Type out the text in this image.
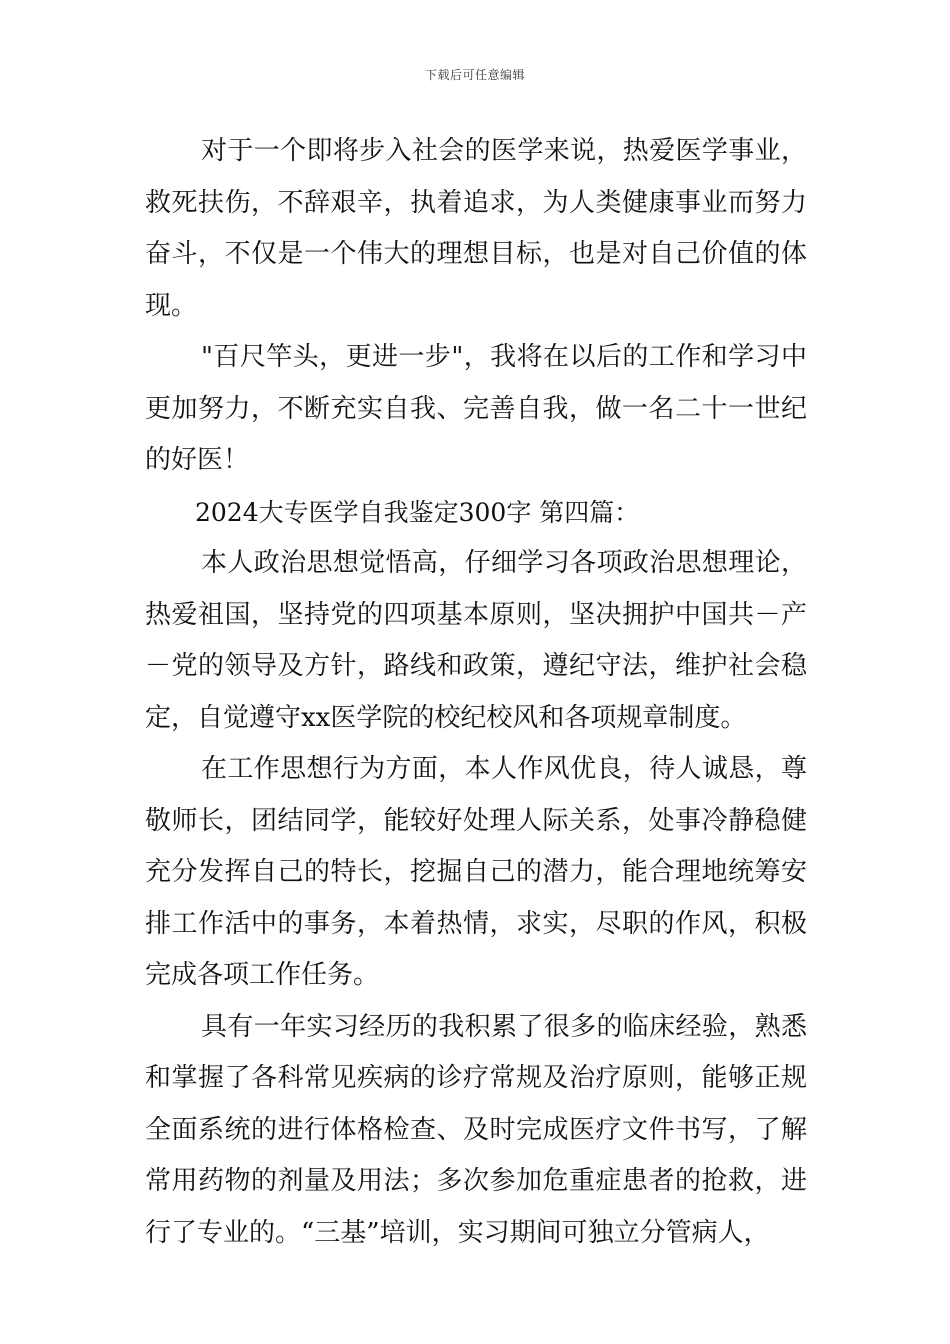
下载后可任意编辑

对于一个即将步入社会的医学来说，热爱医学事业，救死扶伤，不辞艰辛，执着追求，为人类健康事业而努力奋斗，不仅是一个伟大的理想目标，也是对自己价值的体现。

"百尺竿头，更进一步"，我将在以后的工作和学习中更加努力，不断充实自我、完善自我，做一名二十一世纪的好医！

2024大专医学自我鉴定300字 第四篇：

本人政治思想觉悟高，仔细学习各项政治思想理论，热爱祖国，坚持党的四项基本原则，坚决拥护中国共－产－党的领导及方针，路线和政策，遵纪守法，维护社会稳定，自觉遵守xx医学院的校纪校风和各项规章制度。

在工作思想行为方面，本人作风优良，待人诚恳，尊敬师长，团结同学，能较好处理人际关系，处事冷静稳健充分发挥自己的特长，挖掘自己的潜力，能合理地统筹安排工作活中的事务，本着热情，求实，尽职的作风，积极完成各项工作任务。

具有一年实习经历的我积累了很多的临床经验，熟悉和掌握了各科常见疾病的诊疗常规及治疗原则，能够正规全面系统的进行体格检查、及时完成医疗文件书写，了解常用药物的剂量及用法；多次参加危重症患者的抢救，进行了专业的。“三基”培训，实习期间可独立分管病人，
